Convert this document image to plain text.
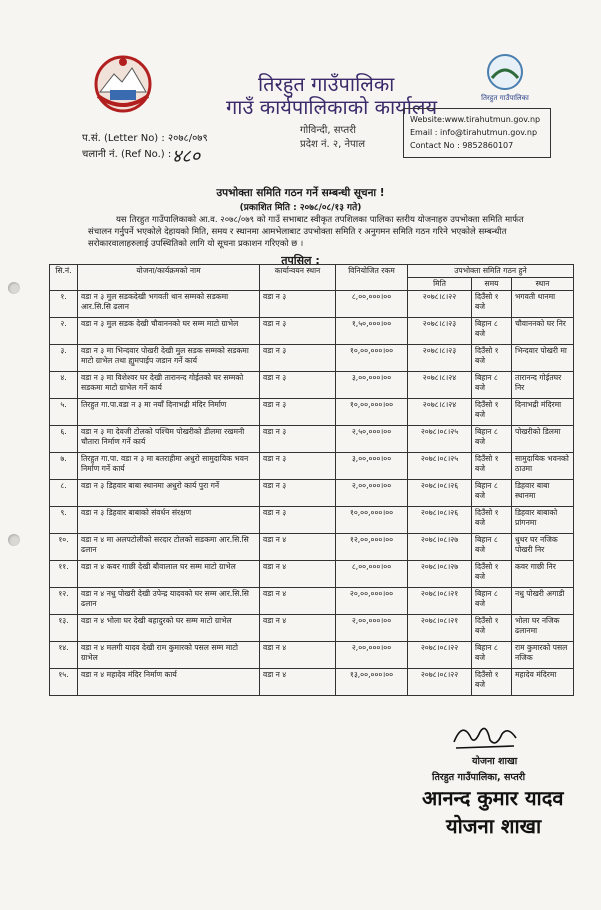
तिरहुत गाउँपालिका
तिरहुत गाउँपालिका
गाउँ कार्यपालिकाको कार्यालय
गोविन्दी, सप्तरी
प्रदेश नं. २, नेपाल
Website:www.tirahutmun.gov.np
Email : info@tirahutmun.gov.np
Contact No : 9852860107
प.सं. (Letter No) : २०७८/०७९
चलानी नं. (Ref No.) : ४८०
उपभोक्ता समिति गठन गर्ने सम्बन्धी सूचना !
(प्रकाशित मिति : २०७८/०८/१३ गते)
यस तिरहुत गाउँपालिकाको आ.व. २०७८/०७९ को गाउँ सभाबाट स्वीकृत तपशिलका पालिका स्तरीय योजनाहरु उपभोक्ता समिति मार्फत संचालन गर्नुपर्ने भएकोले देहायको मिति, समय र स्थानमा आमभेलाबाट उपभोक्ता समिति र अनुगमन समिति गठन गरिने भएकोले सम्बन्धीत सरोकारवालाहरुलाई उपस्थितिको लागि यो सूचना प्रकाशन गरिएको छ ।
तपसिल :
सि.नं.	योजना/कार्यक्रमको नाम	कार्यान्वयन स्थान	विनियोजित रकम	उपभोक्ता समिति गठन हुने		
				मिति	समय	स्थान
१.	वडा न ३ मुल सडकदेखी भगवती थान सम्मको सडकमा आर.सि.सि ढलान	वडा न ३	८,००,०००।००	२०७८।८।२२	दिउँसो १ बजे	भगवती थानमा
२.	वडा न ३ मुल सडक देखी चौवाननको घर सम्म माटो ग्राभेल	वडा न ३	१,५०,०००।००	२०७८।८।२३	बिहान ८ बजे	चौवाननको घर निर
३.	वडा न ३ मा भिन्दवार पोखरी देखी मुल सडक सम्मको सडकमा माटो ग्राभेल तथा ह्युमपाईप जडान गर्ने कार्य	वडा न ३	१०,००,०००।००	२०७८।८।२३	दिउँसो १ बजे	भिन्दवार पोखरी मा
४.	वडा न ३ मा विशेश्वर घर देखी तारानन्द गोईतको घर सम्मको सडकमा माटो ग्राभेल गर्ने कार्य	वडा न ३	३,००,०००।००	२०७८।८।२४	बिहान ८ बजे	तारानन्द गोईतघर निर
५.	तिरहुत गा.पा.वडा न ३ मा नयाँ दिनाभद्री मंदिर निर्माण	वडा न ३	१०,००,०००।००	२०७८।८।२४	दिउँसो १ बजे	दिनाभद्री मंदिरमा
६.	वडा न ३ मा देवजी टोलको पश्चिम पोखरीको डीलमा रखमनी चौतारा निर्माण गर्ने कार्य	वडा न ३	२,५०,०००।००	२०७८।०८।२५	बिहान ८ बजे	पोखरीको डिलमा
७.	तिरहुत गा.पा. वडा न ३ मा बतराहीमा अधुरो सामुदायिक भवन निर्माण गर्ने कार्य	वडा न ३	३,००,०००।००	२०७८।०८।२५	दिउँसो १ बजे	सामुदायिक भवनको ठाउमा
८.	वडा न ३ डिहवार बाबा स्थानमा अधुरो कार्य पुरा गर्ने	वडा न ३	२,००,०००।००	२०७८।०८।२६	बिहान ८ बजे	डिहवार बाबा स्थानमा
९.	वडा न ३ डिहवार बाबाको संवर्धन संरक्षण	वडा न ३	१०,००,०००।००	२०७८।०८।२६	दिउँसो १ बजे	डिहवार बाबाको प्रांगनमा
१०.	वडा न ४ मा अलपटोलीको सरदार टोलको सडकमा आर.सि.सि ढलान	वडा न ४	१२,००,०००।००	२०७८।०८।२७	बिहान ८ बजे	धुथर घर नजिक पोखरी निर
११.	वडा न ४ कवर गाछी देखी बौवालाल घर सम्म माटो ग्राभेल	वडा न ४	८,००,०००।००	२०७८।०८।२७	दिउँसो १ बजे	कवर गाछी निर
१२.	वडा न ४ नधु पोखरी देखी उपेन्द्र यादवको घर सम्म आर.सि.सि ढलान	वडा न ४	२०,००,०००।००	२०७८।०८।२१	बिहान ८ बजे	नधु पोखरी अगाडी
१३.	वडा न ४ भोला घर देखी बहादुरको घर सम्म माटो ग्राभेल	वडा न ४	२,००,०००।००	२०७८।०८।२१	दिउँसो १ बजे	भोला घर नजिक ढलानमा
१४.	वडा न ४ मलगी यादव देखी राम कुमारको पसल सम्म माटो ग्राभेल	वडा न ४	२,००,०००।००	२०७८।०८।२२	बिहान ८ बजे	राम कुमारको पसल नजिक
१५.	वडा न ४ महादेव मंदिर निर्माण कार्य	वडा न ४	१३,००,०००।००	२०७८।०८।२२	दिउँसो १ बजे	महादेव मंदिरमा
योजना शाखा
तिरहुत गाउँपालिका, सप्तरी
आनन्द कुमार यादव
योजना शाखा
